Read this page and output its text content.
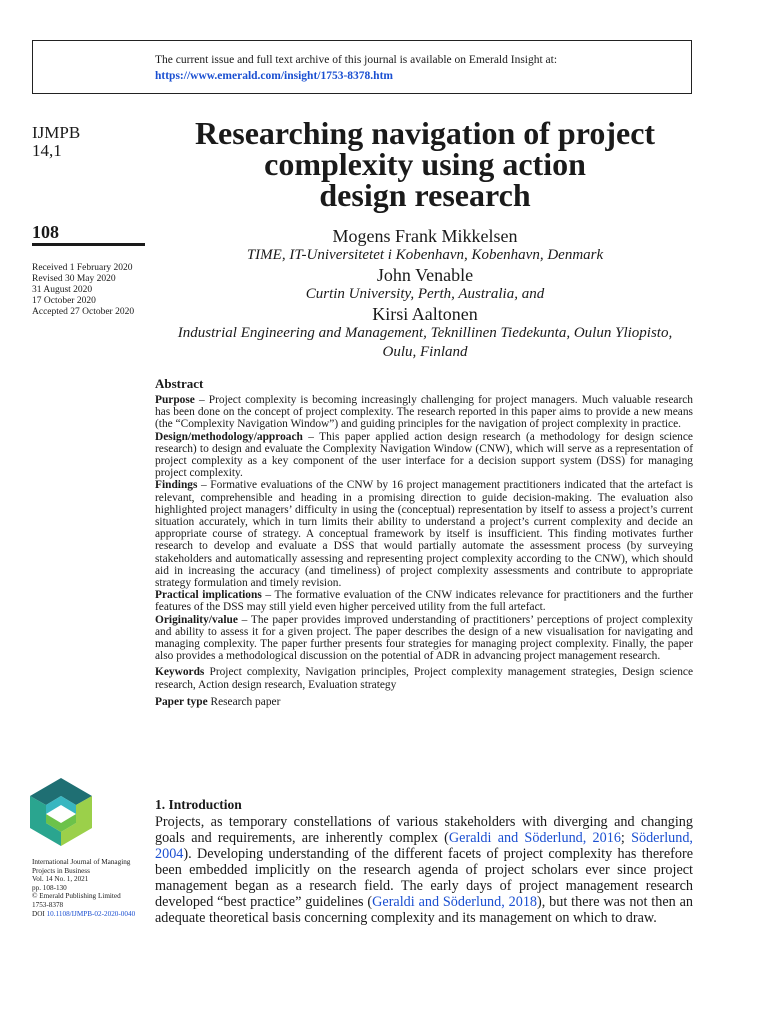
The current issue and full text archive of this journal is available on Emerald Insight at:
https://www.emerald.com/insight/1753-8378.htm
IJMPB
14,1
108
Received 1 February 2020
Revised 30 May 2020
31 August 2020
17 October 2020
Accepted 27 October 2020
Researching navigation of project
complexity using action
design research
Mogens Frank Mikkelsen
TIME, IT-Universitetet i Kobenhavn, Kobenhavn, Denmark
John Venable
Curtin University, Perth, Australia, and
Kirsi Aaltonen
Industrial Engineering and Management, Teknillinen Tiedekunta, Oulun Yliopisto,
Oulu, Finland
Abstract

Purpose – Project complexity is becoming increasingly challenging for project managers. Much valuable research has been done on the concept of project complexity. The research reported in this paper aims to provide a new means (the “Complexity Navigation Window”) and guiding principles for the navigation of project complexity in practice.

Design/methodology/approach – This paper applied action design research (a methodology for design science research) to design and evaluate the Complexity Navigation Window (CNW), which will serve as a representation of project complexity as a key component of the user interface for a decision support system (DSS) for managing project complexity.

Findings – Formative evaluations of the CNW by 16 project management practitioners indicated that the artefact is relevant, comprehensible and heading in a promising direction to guide decision-making. The evaluation also highlighted project managers’ difficulty in using the (conceptual) representation by itself to assess a project’s current situation accurately, which in turn limits their ability to understand a project’s current complexity and decide an appropriate course of strategy. A conceptual framework by itself is insufficient. This finding motivates further research to develop and evaluate a DSS that would partially automate the assessment process (by surveying stakeholders and automatically assessing and representing project complexity according to the CNW), which should aid in increasing the accuracy (and timeliness) of project complexity assessments and contribute to appropriate strategy formulation and timely revision.

Practical implications – The formative evaluation of the CNW indicates relevance for practitioners and the further features of the DSS may still yield even higher perceived utility from the full artefact.

Originality/value – The paper provides improved understanding of practitioners’ perceptions of project complexity and ability to assess it for a given project. The paper describes the design of a new visualisation for navigating and managing complexity. The paper further presents four strategies for managing project complexity. Finally, the paper also provides a methodological discussion on the potential of ADR in advancing project management research.

Keywords Project complexity, Navigation principles, Project complexity management strategies, Design science research, Action design research, Evaluation strategy

Paper type Research paper

International Journal of Managing
Projects in Business
Vol. 14 No. 1, 2021
pp. 108-130
© Emerald Publishing Limited
1753-8378
DOI 10.1108/IJMPB-02-2020-0040
1. Introduction

Projects, as temporary constellations of various stakeholders with diverging and changing goals and requirements, are inherently complex (Geraldi and Söderlund, 2016; Söderlund, 2004). Developing understanding of the different facets of project complexity has therefore been embedded implicitly on the research agenda of project scholars ever since project management began as a research field. The early days of project management research developed “best practice” guidelines (Geraldi and Söderlund, 2018), but there was not then an adequate theoretical basis concerning complexity and its management on which to draw.
